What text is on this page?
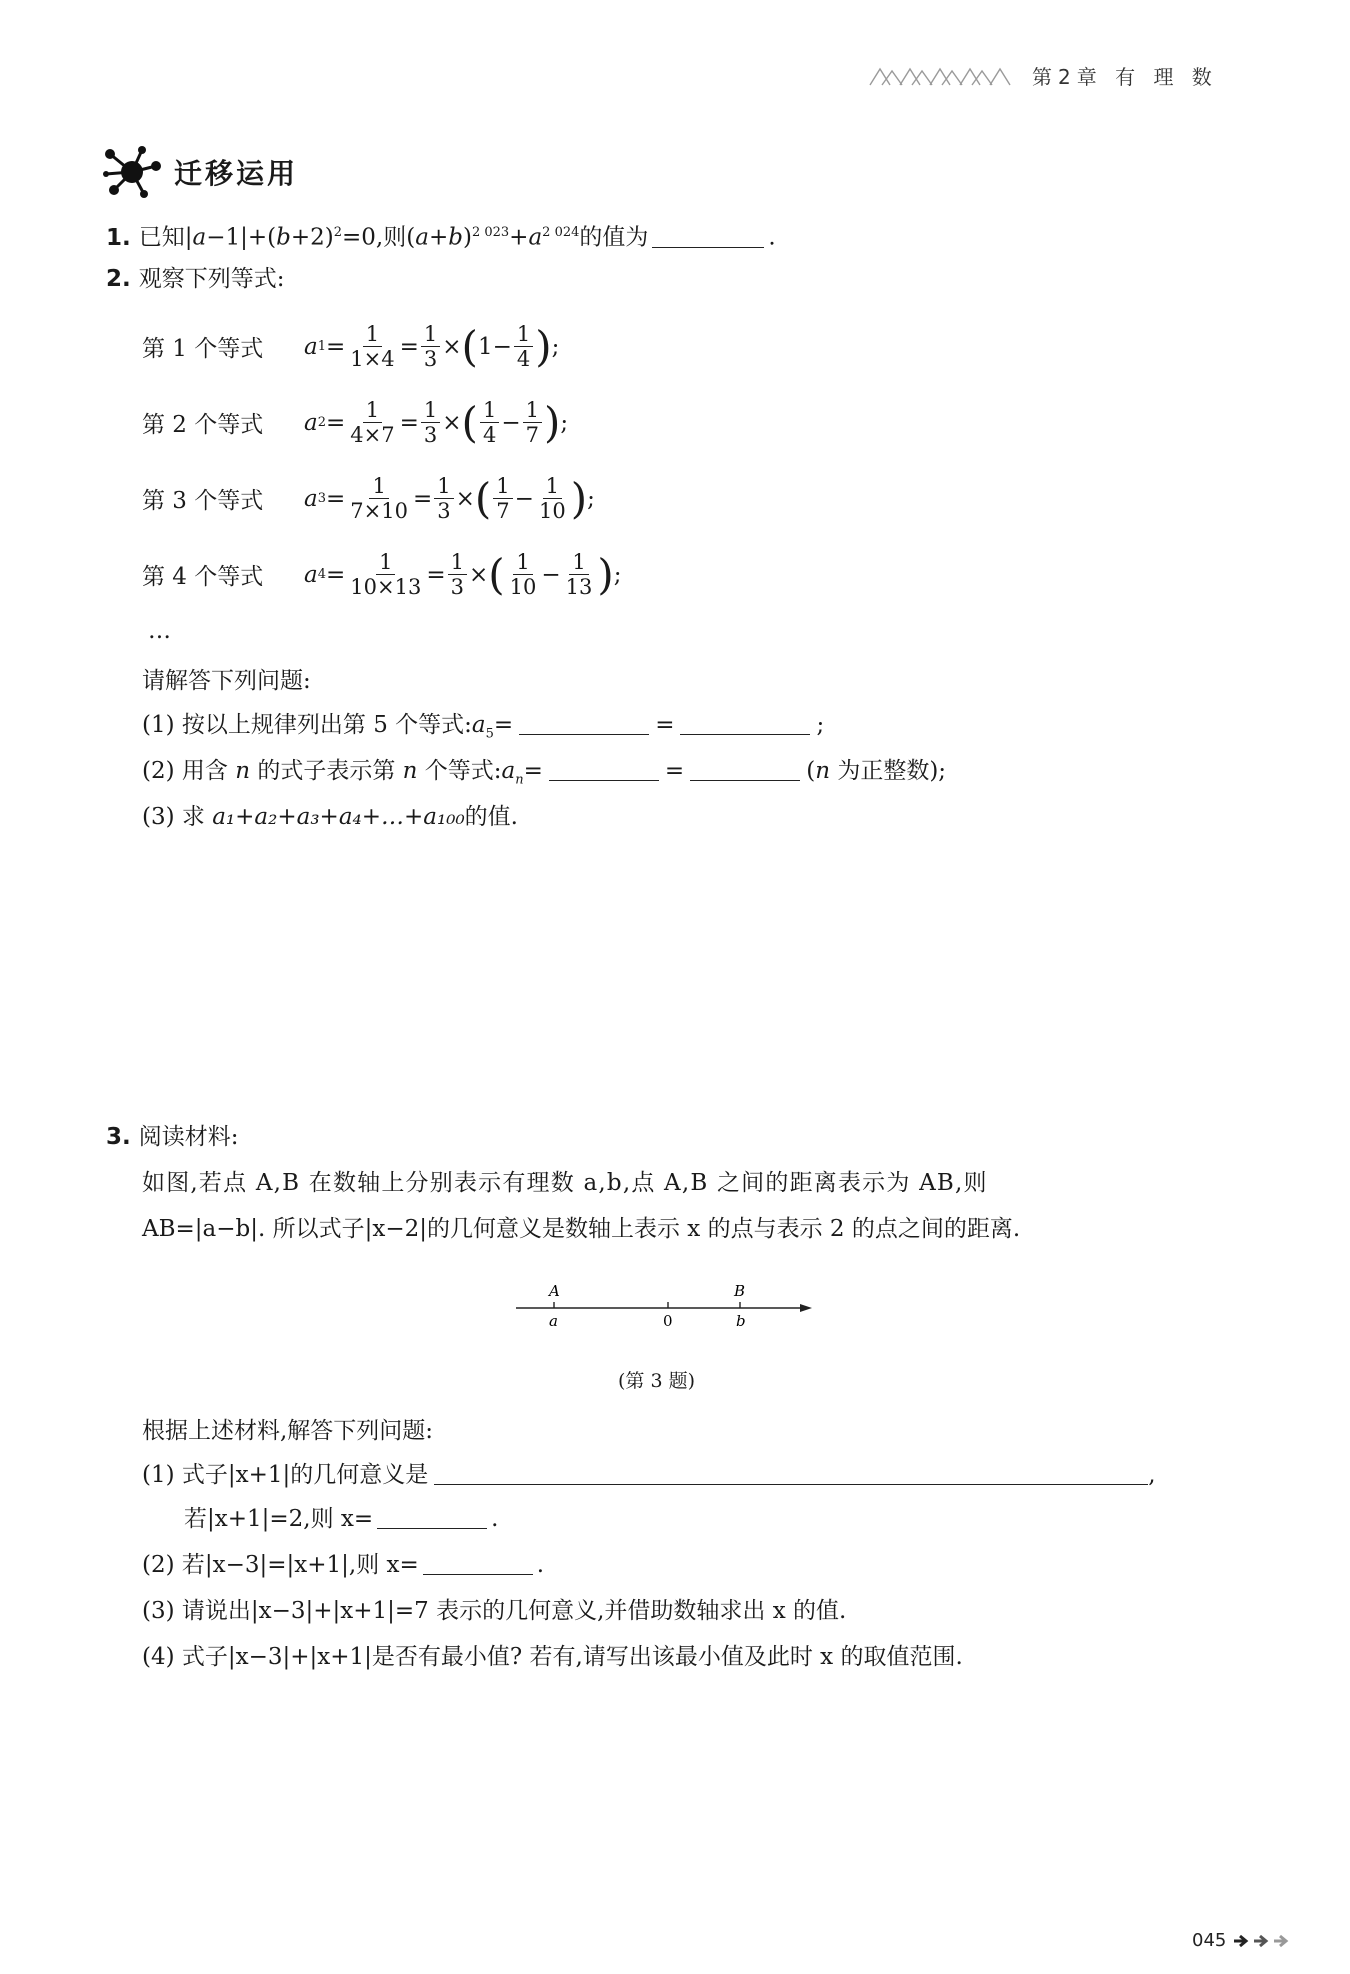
第2章 有 理 数
迁移运用
1. 已知$|a-1|+(b+2)^2=0$,则$(a+b)^{2 023}+a^{2 024}$的值为	.
2. 观察下列等式:
第 1 个等式	a $1 = \frac{1}{1\times 4} = \frac{1}{3}$ × ( $1- \frac{1}{4}$ ) ;
第 2 个等式	a $2 = \frac{1}{4\times 7} = \frac{1}{3}$ × ( $\frac{1}{4} - \frac{1}{7}$ ) ;
第 3 个等式	a $3 = \frac{1}{7\times 10} = \frac{1}{3}$ × ( $\frac{1}{7} - \frac{1}{10}$ ) ;
第 4 个等式	a $4 = \frac{1}{10\times 13} = \frac{1}{3}$ × ( $\frac{1}{10} - \frac{1}{13}$ ) ;
…
请解答下列问题:
(1) 按以上规律列出第 5 个等式$:a_5=$	=	;
(2) 用含 n 的式子表示第 n 个等式$:a_n=$	=	(n 为正整数);
(3) 求 a₁+a₂+a₃+a₄+…+a₁₀₀的值.
3. 阅读材料:
如图,若点 A,B 在数轴上分别表示有理数 a,b,点 A,B 之间的距离表示为 AB,则
AB=|a−b|. 所以式子|x−2|的几何意义是数轴上表示 x 的点与表示 2 的点之间的距离.
A	B
a	0	b
(第 3 题)
根据上述材料,解答下列问题:
(1) 式子|x+1|的几何意义是	,
若|x+1|=2,则 x=	.
(2) 若|x−3|=|x+1|,则 x=	.
(3) 请说出|x−3|+|x+1|=7 表示的几何意义,并借助数轴求出 x 的值.
(4) 式子|x−3|+|x+1|是否有最小值? 若有,请写出该最小值及此时 x 的取值范围.
045
